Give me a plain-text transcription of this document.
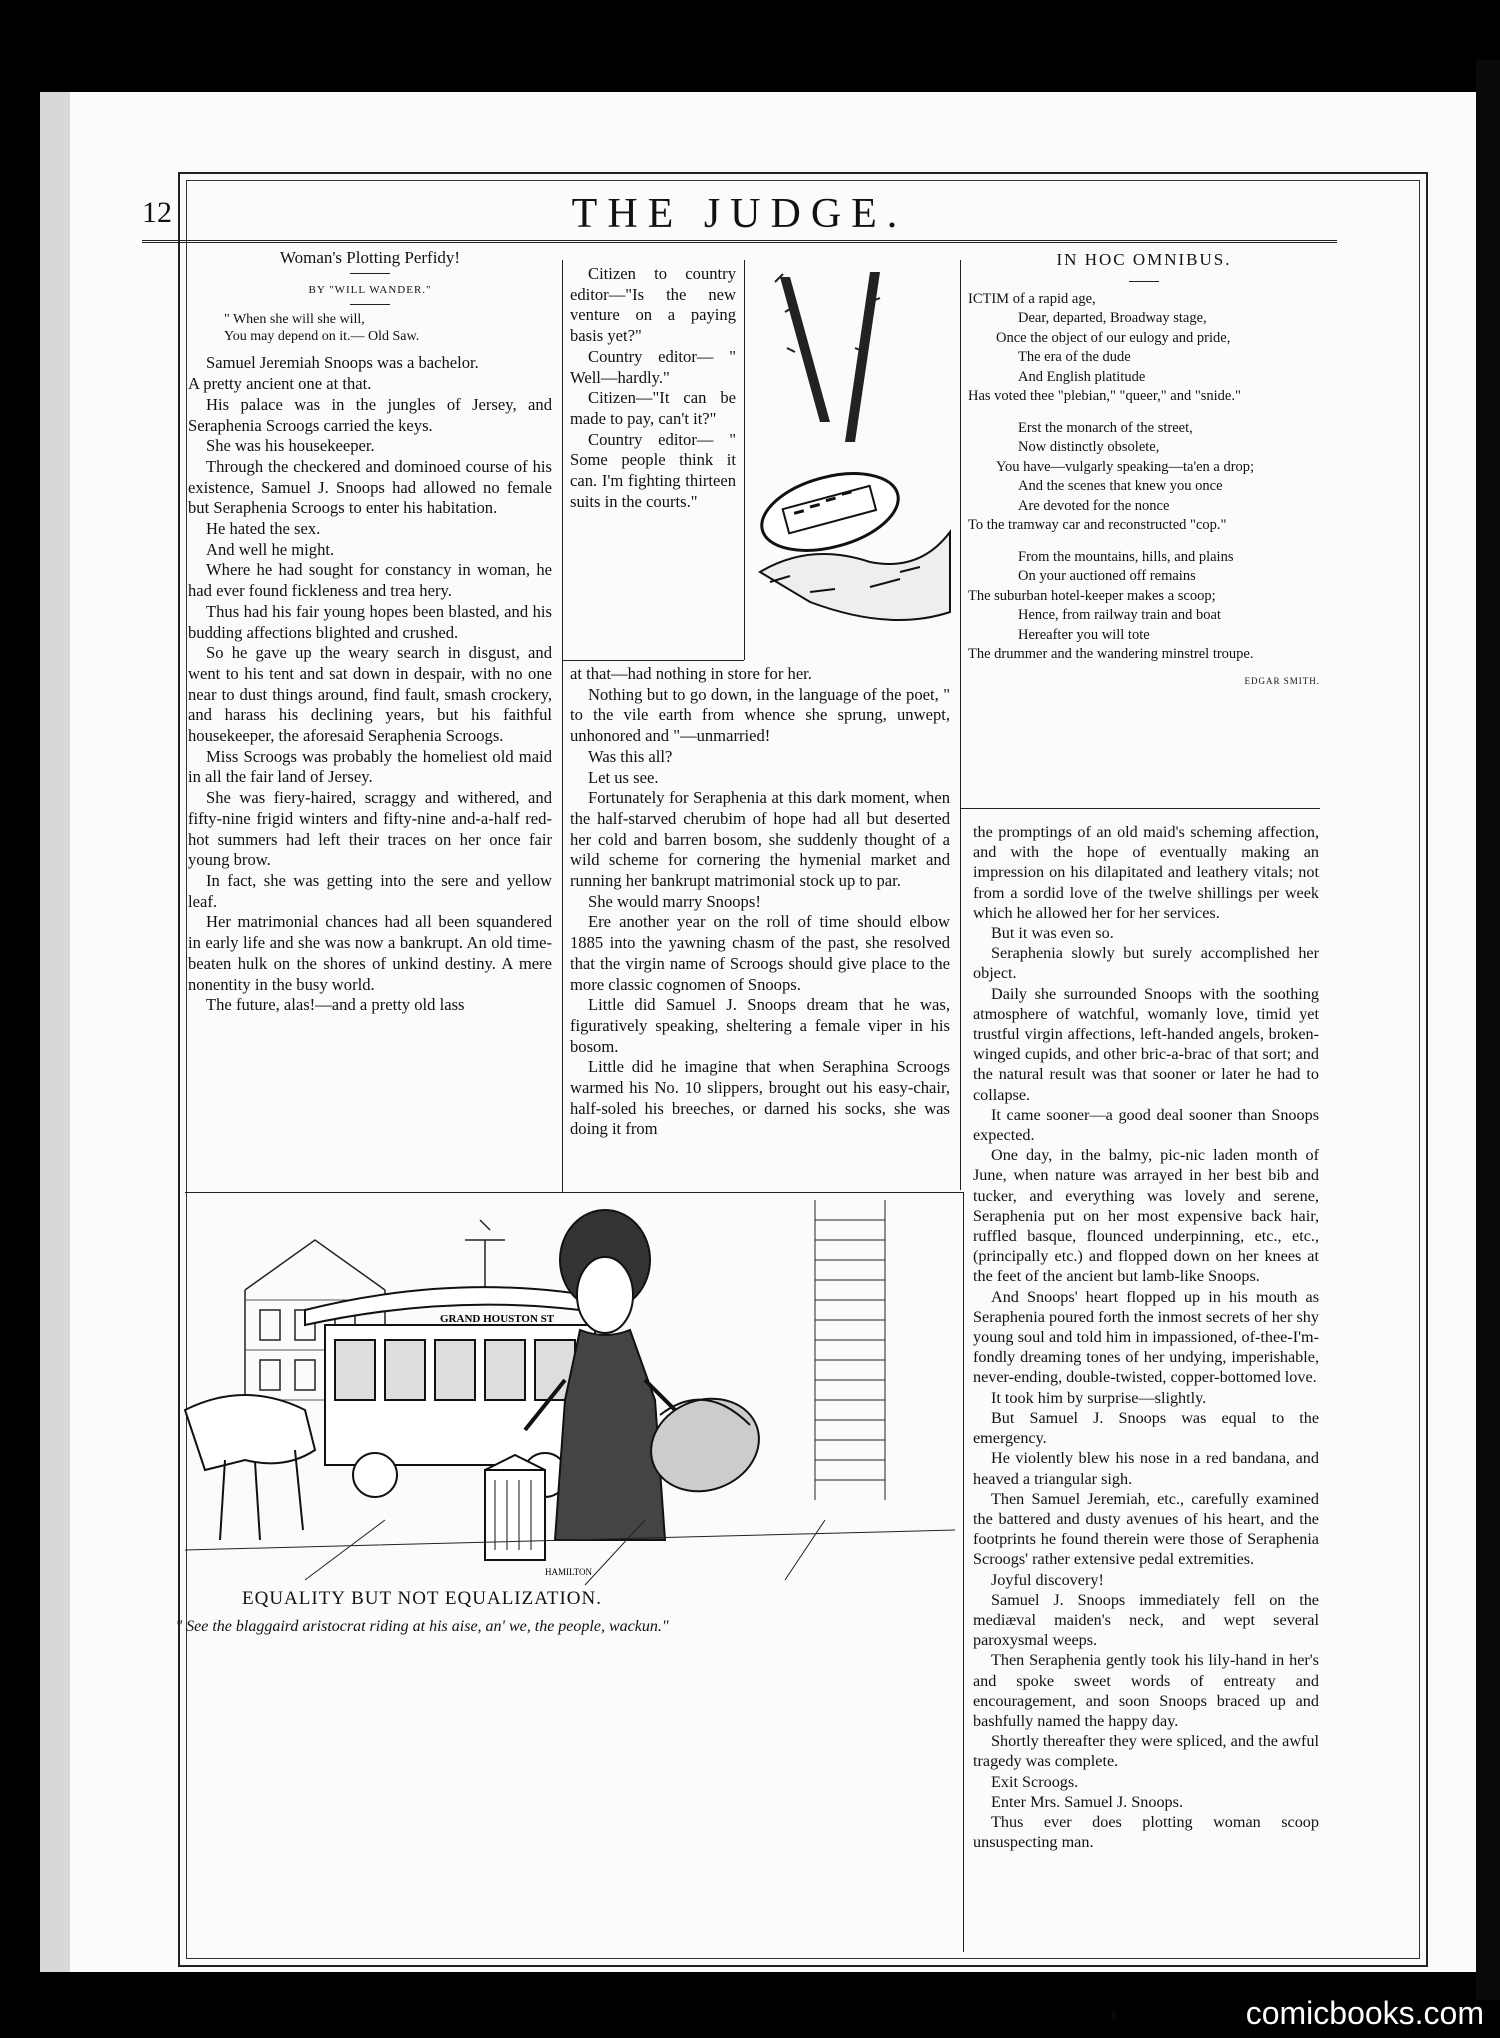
12	THE JUDGE.

Woman's Plotting Perfidy!

BY "WILL WANDER."
" When she will she will,
You may depend on it.— Old Saw.

Samuel Jeremiah Snoops was a bachelor.

A pretty ancient one at that.

His palace was in the jungles of Jersey, and Seraphenia Scroogs carried the keys.

She was his housekeeper.

Through the checkered and dominoed course of his existence, Samuel J. Snoops had allowed no female but Seraphenia Scroogs to enter his habitation.

He hated the sex.

And well he might.

Where he had sought for constancy in woman, he had ever found fickleness and trea hery.

Thus had his fair young hopes been blasted, and his budding affections blighted and crushed.

So he gave up the weary search in disgust, and went to his tent and sat down in despair, with no one near to dust things around, find fault, smash crockery, and harass his declining years, but his faithful housekeeper, the aforesaid Seraphenia Scroogs.

Miss Scroogs was probably the homeliest old maid in all the fair land of Jersey.

She was fiery-haired, scraggy and withered, and fifty-nine frigid winters and fifty-nine and-a-half red-hot summers had left their traces on her once fair young brow.

In fact, she was getting into the sere and yellow leaf.

Her matrimonial chances had all been squandered in early life and she was now a bankrupt. An old time-beaten hulk on the shores of unkind destiny. A mere nonentity in the busy world.

The future, alas!—and a pretty old lass

Citizen to country editor—"Is the new venture on a paying basis yet?"

Country editor— " Well—hardly."

Citizen—"It can be made to pay, can't it?"

Country editor— " Some people think it can. I'm fighting thirteen suits in the courts."

IN HOC OMNIBUS.

ICTIM of a rapid age,
Dear, departed, Broadway stage,
Once the object of our eulogy and pride,
The era of the dude
And English platitude
Has voted thee "plebian," "queer," and "snide."
Erst the monarch of the street,
Now distinctly obsolete,
You have—vulgarly speaking—ta'en a drop;
And the scenes that knew you once
Are devoted for the nonce
To the tramway car and reconstructed "cop."
From the mountains, hills, and plains
On your auctioned off remains
The suburban hotel-keeper makes a scoop;
Hence, from railway train and boat
Hereafter you will tote
The drummer and the wandering minstrel troupe.
EDGAR SMITH.

at that—had nothing in store for her.

Nothing but to go down, in the language of the poet, " to the vile earth from whence she sprung, unwept, unhonored and "—unmarried!

Was this all?

Let us see.

Fortunately for Seraphenia at this dark moment, when the half-starved cherubim of hope had all but deserted her cold and barren bosom, she suddenly thought of a wild scheme for cornering the hymenial market and running her bankrupt matrimonial stock up to par.

She would marry Snoops!

Ere another year on the roll of time should elbow 1885 into the yawning chasm of the past, she resolved that the virgin name of Scroogs should give place to the more classic cognomen of Snoops.

Little did Samuel J. Snoops dream that he was, figuratively speaking, sheltering a female viper in his bosom.

Little did he imagine that when Seraphina Scroogs warmed his No. 10 slippers, brought out his easy-chair, half-soled his breeches, or darned his socks, she was doing it from

the promptings of an old maid's scheming affection, and with the hope of eventually making an impression on his dilapitated and leathery vitals; not from a sordid love of the twelve shillings per week which he allowed her for her services.

But it was even so.

Seraphenia slowly but surely accomplished her object.

Daily she surrounded Snoops with the soothing atmosphere of watchful, womanly love, timid yet trustful virgin affections, left-handed angels, broken-winged cupids, and other bric-a-brac of that sort; and the natural result was that sooner or later he had to collapse.

It came sooner—a good deal sooner than Snoops expected.

One day, in the balmy, pic-nic laden month of June, when nature was arrayed in her best bib and tucker, and everything was lovely and serene, Seraphenia put on her most expensive back hair, ruffled basque, flounced underpinning, etc., etc., (principally etc.) and flopped down on her knees at the feet of the ancient but lamb-like Snoops.

And Snoops' heart flopped up in his mouth as Seraphenia poured forth the inmost secrets of her shy young soul and told him in impassioned, of-thee-I'm-fondly dreaming tones of her undying, imperishable, never-ending, double-twisted, copper-bottomed love.

It took him by surprise—slightly.

But Samuel J. Snoops was equal to the emergency.

He violently blew his nose in a red bandana, and heaved a triangular sigh.

Then Samuel Jeremiah, etc., carefully examined the battered and dusty avenues of his heart, and the footprints he found therein were those of Seraphenia Scroogs' rather extensive pedal extremities.

Joyful discovery!

Samuel J. Snoops immediately fell on the mediæval maiden's neck, and wept several paroxysmal weeps.

Then Seraphenia gently took his lily-hand in her's and spoke sweet words of entreaty and encouragement, and soon Snoops braced up and bashfully named the happy day.

Shortly thereafter they were spliced, and the awful tragedy was complete.

Exit Scroogs.

Enter Mrs. Samuel J. Snoops.

Thus ever does plotting woman scoop unsuspecting man.

GRAND HOUSTON ST
HAMILTON
EQUALITY BUT NOT EQUALIZATION.
" See the blaggaird aristocrat riding at his aise, an' we, the people, wackun."
ℓ	comicbooks.com
